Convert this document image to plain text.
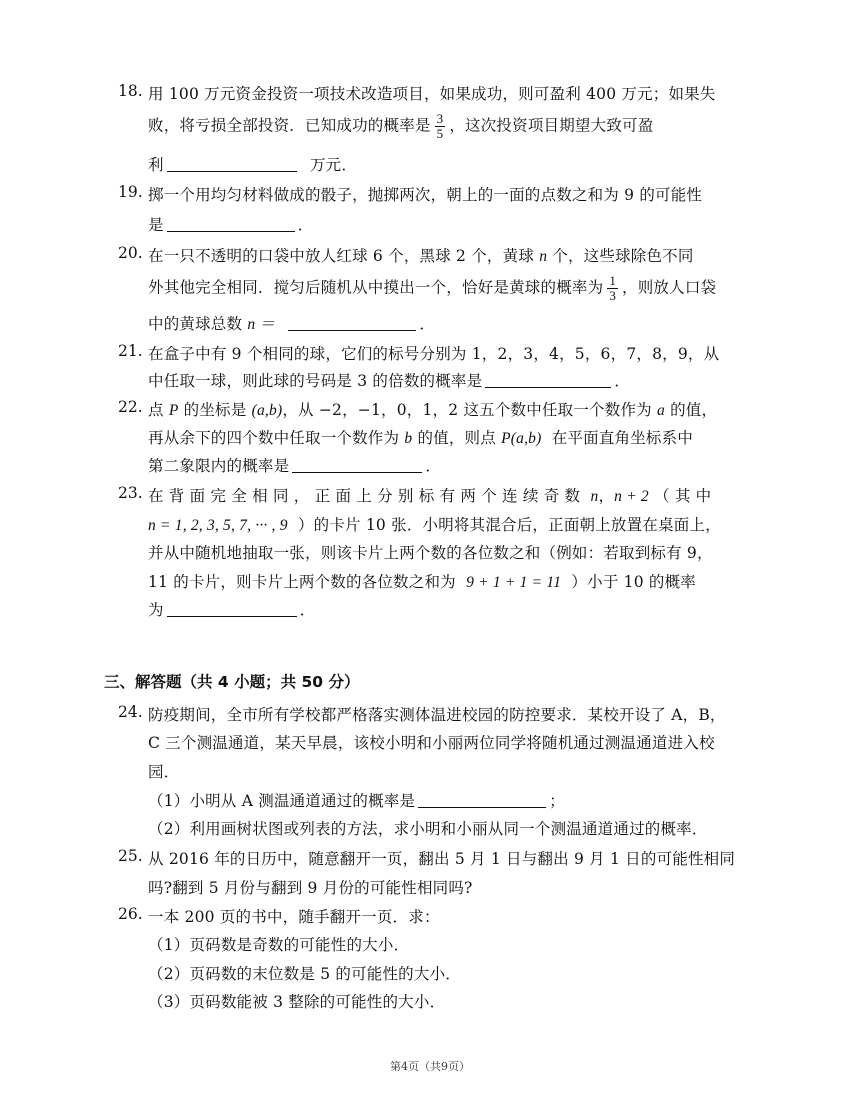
18. 用 100 万元资金投资一项技术改造项目，如果成功，则可盈利 400 万元；如果失
败，将亏损全部投资．已知成功的概率是 $\frac{3}{5}$ ，这次投资项目期望大致可盈
利	万元．
19. 掷一个用均匀材料做成的骰子，抛掷两次，朝上的一面的点数之和为 9 的可能性
是	．
20. 在一只不透明的口袋中放人红球 6 个，黑球 2 个，黄球 n 个，这些球除色不同
外其他完全相同．搅匀后随机从中摸出一个，恰好是黄球的概率为 $\frac{1}{3}$ ，则放人口袋
中的黄球总数 n ＝	．
21. 在盒子中有 9 个相同的球，它们的标号分别为 1，2，3，4，5，6，7，8，9，从
中任取一球，则此球的号码是 3 的倍数的概率是	．
22. 点 P 的坐标是 (a,b)，从 −2，−1，0，1，2 这五个数中任取一个数作为 a 的值，
再从余下的四个数中任取一个数作为 b 的值，则点 P(a,b) 在平面直角坐标系中
第二象限内的概率是	．
23. 在 背 面 完 全 相 同 ， 正 面 上 分 别 标 有 两 个 连 续 奇 数 n，n + 2 （ 其 中
n = 1, 2, 3, 5, 7, ··· , 9 ）的卡片 10 张．小明将其混合后，正面朝上放置在桌面上，
并从中随机地抽取一张，则该卡片上两个数的各位数之和（例如：若取到标有 9，
11 的卡片，则卡片上两个数的各位数之和为 9 + 1 + 1 = 11 ）小于 10 的概率
为	．
三、解答题（共 4 小题；共 50 分）
24. 防疫期间，全市所有学校都严格落实测体温进校园的防控要求．某校开设了 A，B，
C 三个测温通道，某天早晨，该校小明和小丽两位同学将随机通过测温通道进入校
园．
（1）小明从 A 测温通道通过的概率是	；
（2）利用画树状图或列表的方法，求小明和小丽从同一个测温通道通过的概率．
25. 从 2016 年的日历中，随意翻开一页，翻出 5 月 1 日与翻出 9 月 1 日的可能性相同
吗?翻到 5 月份与翻到 9 月份的可能性相同吗?
26. 一本 200 页的书中，随手翻开一页．求：
（1）页码数是奇数的可能性的大小．
（2）页码数的末位数是 5 的可能性的大小．
（3）页码数能被 3 整除的可能性的大小．
第4页（共9页）
